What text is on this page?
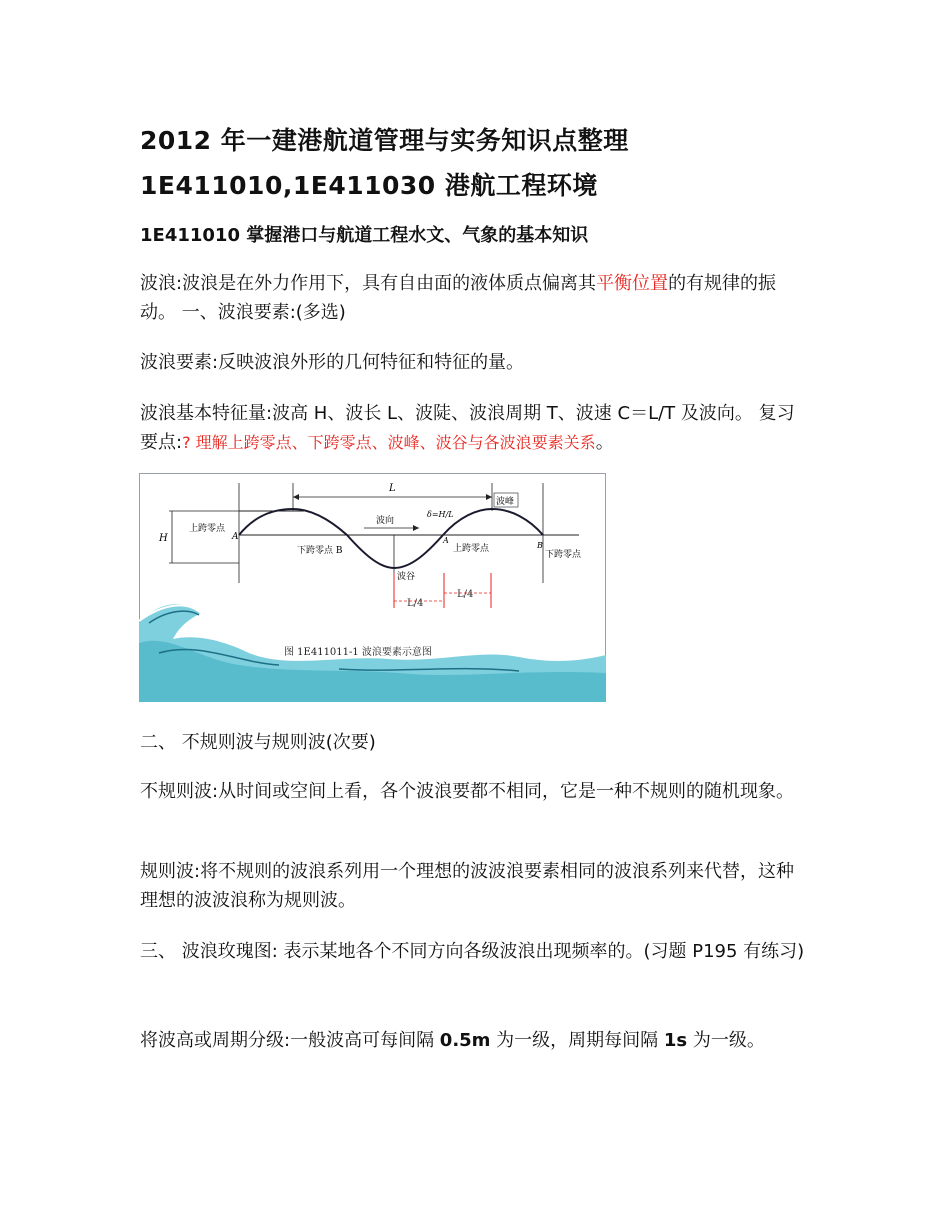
2012 年一建港航道管理与实务知识点整理
1E411010,1E411030 港航工程环境
1E411010 掌握港口与航道工程水文、气象的基本知识
波浪:波浪是在外力作用下，具有自由面的液体质点偏离其平衡位置的有规律的振动。 一、波浪要素:(多选)
波浪要素:反映波浪外形的几何特征和特征的量。
波浪基本特征量:波高 H、波长 L、波陡、波浪周期 T、波速 C＝L/T 及波向。 复习要点:? 理解上跨零点、下跨零点、波峰、波谷与各波浪要素关系。
L
波峰
上跨零点
A
H
波向
δ=H/L
下跨零点 B
A
上跨零点	B
下跨零点
波谷
L/4
L/4
图 1E411011-1 波浪要素示意图
二、 不规则波与规则波(次要)
不规则波:从时间或空间上看，各个波浪要都不相同，它是一种不规则的随机现象。
规则波:将不规则的波浪系列用一个理想的波波浪要素相同的波浪系列来代替，这种理想的波波浪称为规则波。
三、 波浪玫瑰图: 表示某地各个不同方向各级波浪出现频率的。(习题 P195 有练习)
将波高或周期分级:一般波高可每间隔 0.5m 为一级，周期每间隔 1s 为一级。
